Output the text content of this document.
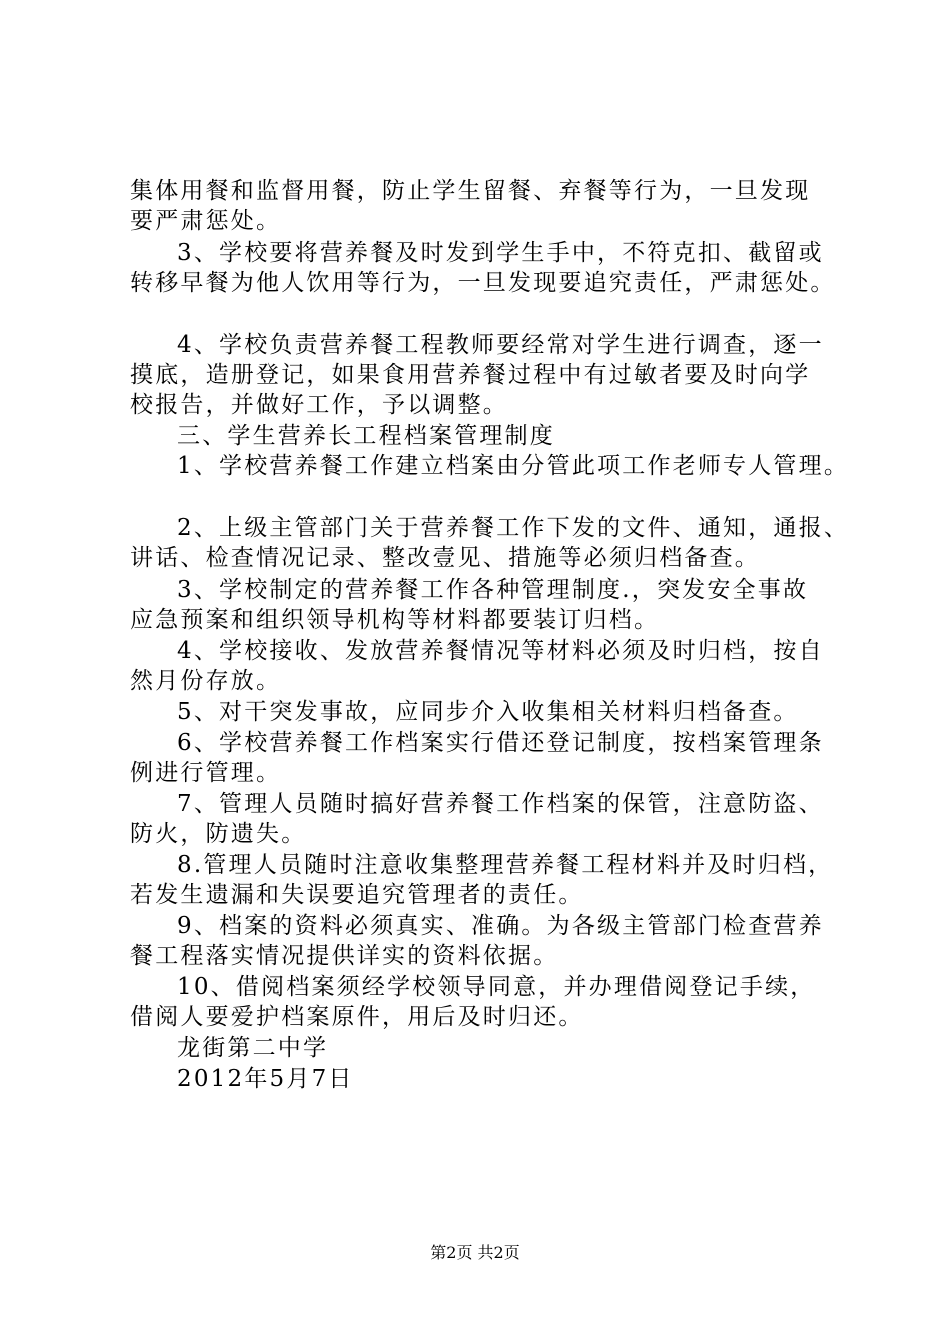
集体用餐和监督用餐，防止学生留餐、弃餐等行为，一旦发现
要严肃惩处。
3、学校要将营养餐及时发到学生手中，不符克扣、截留或
转移早餐为他人饮用等行为，一旦发现要追究责任，严肃惩处。
4、学校负责营养餐工程教师要经常对学生进行调查，逐一
摸底，造册登记，如果食用营养餐过程中有过敏者要及时向学
校报告，并做好工作，予以调整。
三、学生营养长工程档案管理制度
1、学校营养餐工作建立档案由分管此项工作老师专人管理。
2、上级主管部门关于营养餐工作下发的文件、通知，通报、
讲话、检查情况记录、整改壹见、措施等必须归档备查。
3、学校制定的营养餐工作各种管理制度.，突发安全事故
应急预案和组织领导机构等材料都要装订归档。
4、学校接收、发放营养餐情况等材料必须及时归档，按自
然月份存放。
5、对干突发事故，应同步介入收集相关材料归档备查。
6、学校营养餐工作档案实行借还登记制度，按档案管理条
例进行管理。
7、管理人员随时搞好营养餐工作档案的保管，注意防盗、
防火，防遗失。
8.管理人员随时注意收集整理营养餐工程材料并及时归档，
若发生遗漏和失误要追究管理者的责任。
9、档案的资料必须真实、准确。为各级主管部门检查营养
餐工程落实情况提供详实的资料依据。
10、借阅档案须经学校领导同意，并办理借阅登记手续，
借阅人要爱护档案原件，用后及时归还。
龙街第二中学
2012年5月7日
第2页 共2页
